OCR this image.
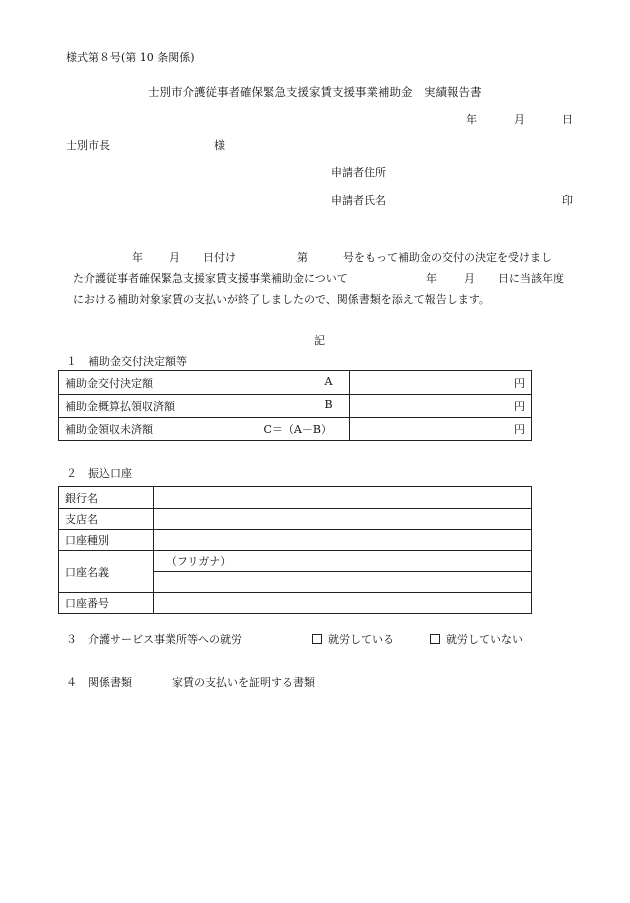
様式第８号(第 10 条関係)
士別市介護従事者確保緊急支援家賃支援事業補助金　実績報告書
年	月	日
士別市長	様
申請者住所
申請者氏名	印
年 月 日付け	第	号をもって補助金の交付の決定を受けまし
た介護従事者確保緊急支援家賃支援事業補助金について	年 月 日に当該年度
における補助対象家賃の支払いが終了しましたので、関係書類を添えて報告します。
記
１　補助金交付決定額等
補助金交付決定額 A	円
補助金概算払領収済額 B	円
補助金領収未済額 C＝（A－B）	円
２　振込口座
銀行名	
支店名	
口座種別	
口座名義	（フリガナ）

口座番号	
３　介護サービス事業所等への就労	就労している	就労していない
４　関係書類	家賃の支払いを証明する書類
